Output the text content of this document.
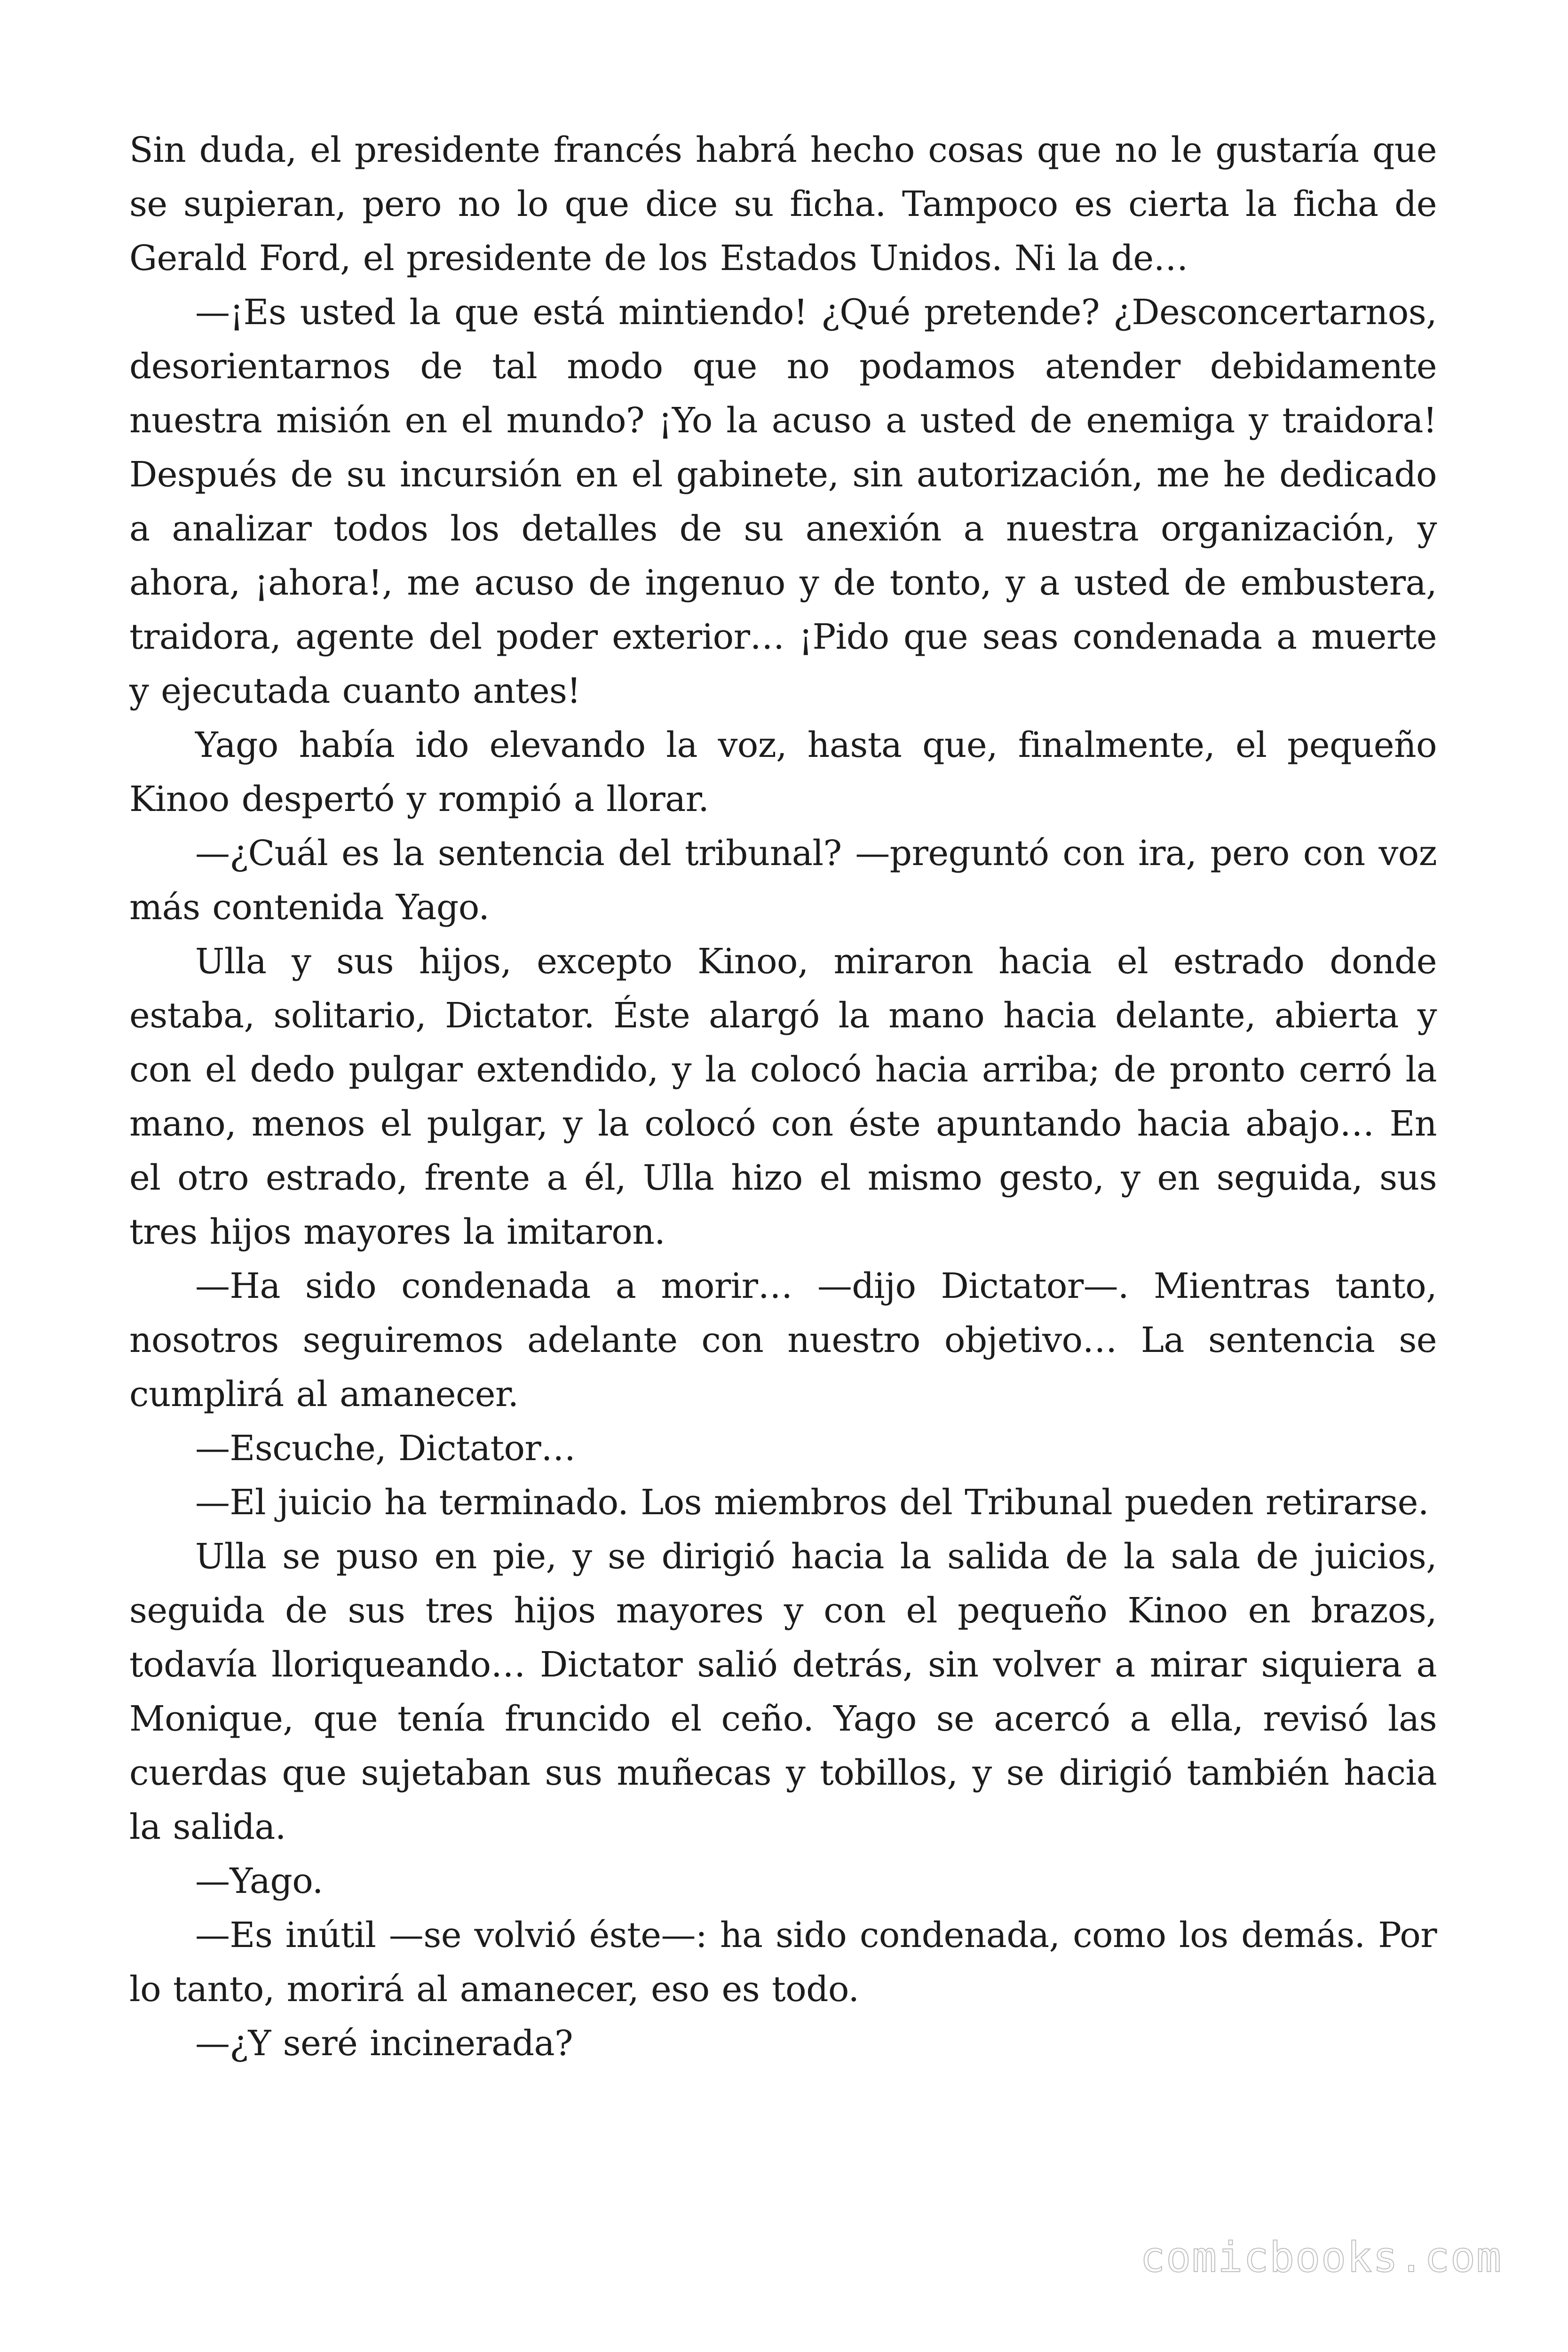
Sin duda, el presidente francés habrá hecho cosas que no le gustaría que se supieran, pero no lo que dice su ficha. Tampoco es cierta la ficha de Gerald Ford, el presidente de los Estados Unidos. Ni la de…

—¡Es usted la que está mintiendo! ¿Qué pretende? ¿Desconcertarnos, desorientarnos de tal modo que no podamos atender debidamente nuestra misión en el mundo? ¡Yo la acuso a usted de enemiga y traidora! Después de su incursión en el gabinete, sin autorización, me he dedicado a analizar todos los detalles de su anexión a nuestra organización, y ahora, ¡ahora!, me acuso de ingenuo y de tonto, y a usted de embustera, traidora, agente del poder exterior… ¡Pido que seas condenada a muerte y ejecutada cuanto antes!

Yago había ido elevando la voz, hasta que, finalmente, el pequeño Kinoo despertó y rompió a llorar.

—¿Cuál es la sentencia del tribunal? —preguntó con ira, pero con voz más contenida Yago.

Ulla y sus hijos, excepto Kinoo, miraron hacia el estrado donde estaba, solitario, Dictator. Éste alargó la mano hacia delante, abierta y con el dedo pulgar extendido, y la colocó hacia arriba; de pronto cerró la mano, menos el pulgar, y la colocó con éste apuntando hacia abajo… En el otro estrado, frente a él, Ulla hizo el mismo gesto, y en seguida, sus tres hijos mayores la imitaron.

—Ha sido condenada a morir… —dijo Dictator—. Mientras tanto, nosotros seguiremos adelante con nuestro objetivo… La sentencia se cumplirá al amanecer.

—Escuche, Dictator…

—El juicio ha terminado. Los miembros del Tribunal pueden retirarse.

Ulla se puso en pie, y se dirigió hacia la salida de la sala de juicios, seguida de sus tres hijos mayores y con el pequeño Kinoo en brazos, todavía lloriqueando… Dictator salió detrás, sin volver a mirar siquiera a Monique, que tenía fruncido el ceño. Yago se acercó a ella, revisó las cuerdas que sujetaban sus muñecas y tobillos, y se dirigió también hacia la salida.

—Yago.

—Es inútil —se volvió éste—: ha sido condenada, como los demás. Por lo tanto, morirá al amanecer, eso es todo.

—¿Y seré incinerada?

comicbooks.com
